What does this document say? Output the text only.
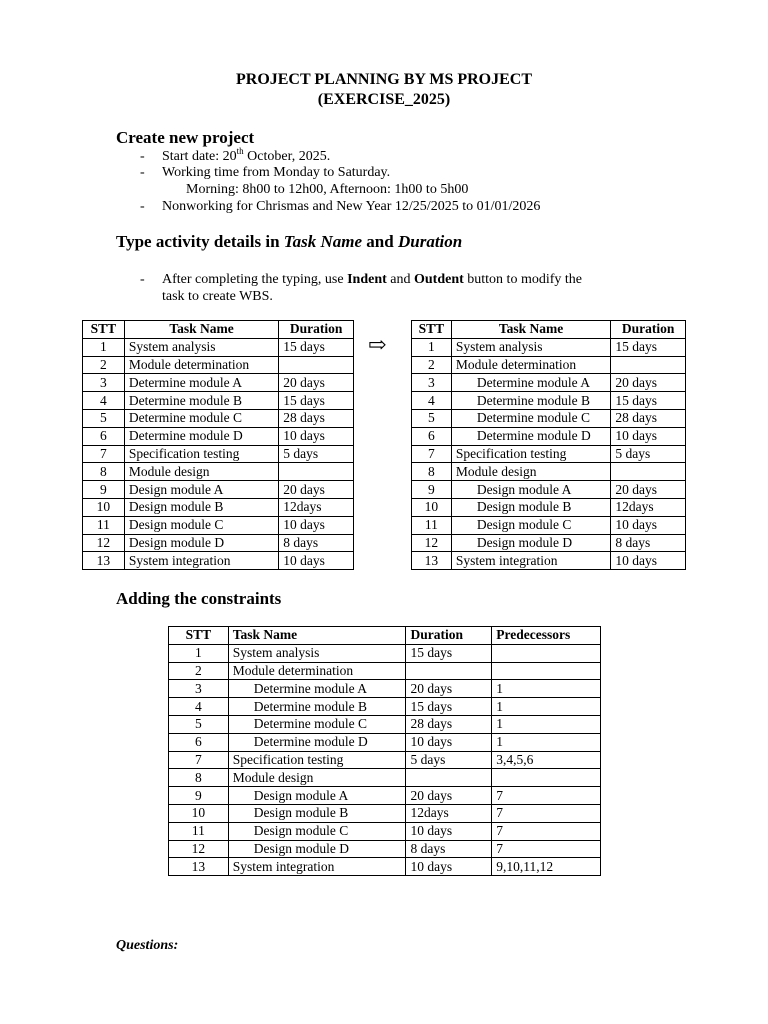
PROJECT PLANNING BY MS PROJECT
(EXERCISE_2025)
Create new project
- Start date: 20th October, 2025.
- Working time from Monday to Saturday.
Morning: 8h00 to 12h00, Afternoon: 1h00 to 5h00
- Nonworking for Chrismas and New Year 12/25/2025 to 01/01/2026
Type activity details in Task Name and Duration
- After completing the typing, use Indent and Outdent button to modify the
task to create WBS.
STT	Task Name	Duration
1	System analysis	15 days
2	Module determination	
3	Determine module A	20 days
4	Determine module B	15 days
5	Determine module C	28 days
6	Determine module D	10 days
7	Specification testing	5 days
8	Module design	
9	Design module A	20 days
10	Design module B	12days
11	Design module C	10 days
12	Design module D	8 days
13	System integration	10 days
⇨
STT	Task Name	Duration
1	System analysis	15 days
2	Module determination	
3	Determine module A	20 days
4	Determine module B	15 days
5	Determine module C	28 days
6	Determine module D	10 days
7	Specification testing	5 days
8	Module design	
9	Design module A	20 days
10	Design module B	12days
11	Design module C	10 days
12	Design module D	8 days
13	System integration	10 days
Adding the constraints
STT	Task Name	Duration	Predecessors
1	System analysis	15 days	
2	Module determination		
3	Determine module A	20 days	1
4	Determine module B	15 days	1
5	Determine module C	28 days	1
6	Determine module D	10 days	1
7	Specification testing	5 days	3,4,5,6
8	Module design		
9	Design module A	20 days	7
10	Design module B	12days	7
11	Design module C	10 days	7
12	Design module D	8 days	7
13	System integration	10 days	9,10,11,12
Questions:
